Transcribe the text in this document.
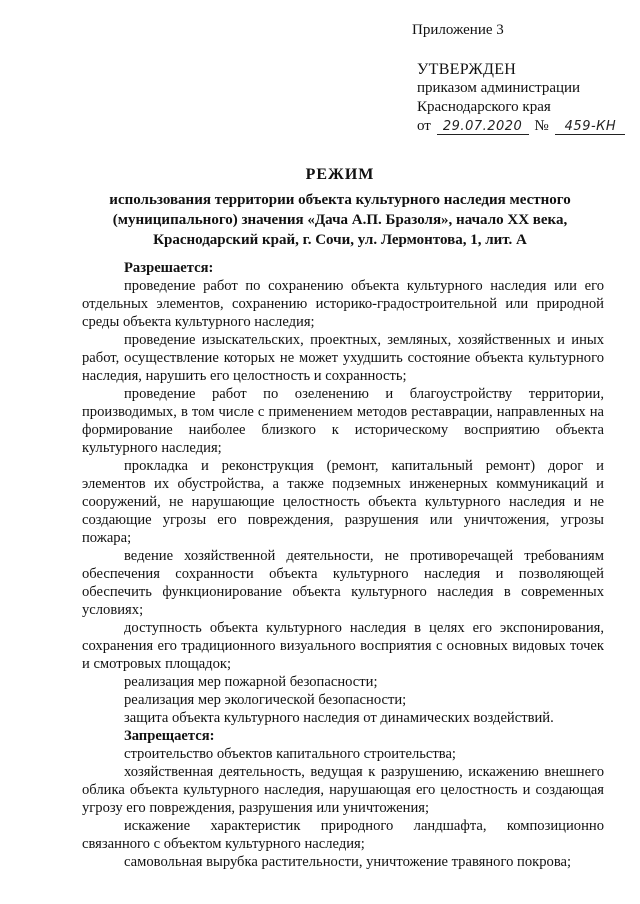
Приложение 3
УТВЕРЖДЕН
приказом администрации
Краснодарского края
от 29.07.2020 № 459-КН
РЕЖИМ
использования территории объекта культурного наследия местного (муниципального) значения «Дача А.П. Бразоля», начало XX века, Краснодарский край, г. Сочи, ул. Лермонтова, 1, лит. А

Разрешается:

проведение работ по сохранению объекта культурного наследия или его отдельных элементов, сохранению историко-градостроительной или природной среды объекта культурного наследия;

проведение изыскательских, проектных, земляных, хозяйственных и иных работ, осуществление которых не может ухудшить состояние объекта культурного наследия, нарушить его целостность и сохранность;

проведение работ по озеленению и благоустройству территории, производимых, в том числе с применением методов реставрации, направленных на формирование наиболее близкого к историческому восприятию объекта культурного наследия;

прокладка и реконструкция (ремонт, капитальный ремонт) дорог и элементов их обустройства, а также подземных инженерных коммуникаций и сооружений, не нарушающие целостность объекта культурного наследия и не создающие угрозы его повреждения, разрушения или уничтожения, угрозы пожара;

ведение хозяйственной деятельности, не противоречащей требованиям обеспечения сохранности объекта культурного наследия и позволяющей обеспечить функционирование объекта культурного наследия в современных условиях;

доступность объекта культурного наследия в целях его экспонирования, сохранения его традиционного визуального восприятия с основных видовых точек и смотровых площадок;

реализация мер пожарной безопасности;

реализация мер экологической безопасности;

защита объекта культурного наследия от динамических воздействий.

Запрещается:

строительство объектов капитального строительства;

хозяйственная деятельность, ведущая к разрушению, искажению внешнего облика объекта культурного наследия, нарушающая его целостность и создающая угрозу его повреждения, разрушения или уничтожения;

искажение характеристик природного ландшафта, композиционно связанного с объектом культурного наследия;

самовольная вырубка растительности, уничтожение травяного покрова;
